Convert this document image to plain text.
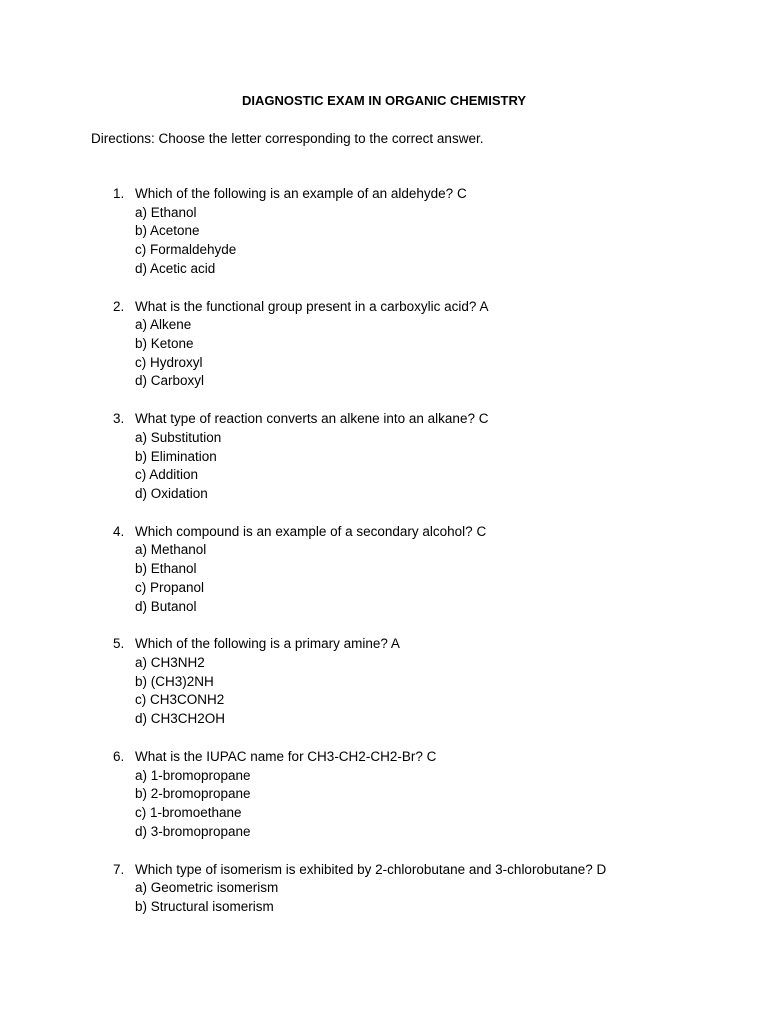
DIAGNOSTIC EXAM IN ORGANIC CHEMISTRY
Directions: Choose the letter corresponding to the correct answer.
1. Which of the following is an example of an aldehyde? C
a) Ethanol
b) Acetone
c) Formaldehyde
d) Acetic acid
2. What is the functional group present in a carboxylic acid? A
a) Alkene
b) Ketone
c) Hydroxyl
d) Carboxyl
3. What type of reaction converts an alkene into an alkane? C
a) Substitution
b) Elimination
c) Addition
d) Oxidation
4. Which compound is an example of a secondary alcohol? C
a) Methanol
b) Ethanol
c) Propanol
d) Butanol
5. Which of the following is a primary amine? A
a) CH3NH2
b) (CH3)2NH
c) CH3CONH2
d) CH3CH2OH
6. What is the IUPAC name for CH3-CH2-CH2-Br? C
a) 1-bromopropane
b) 2-bromopropane
c) 1-bromoethane
d) 3-bromopropane
7. Which type of isomerism is exhibited by 2-chlorobutane and 3-chlorobutane? D
a) Geometric isomerism
b) Structural isomerism
